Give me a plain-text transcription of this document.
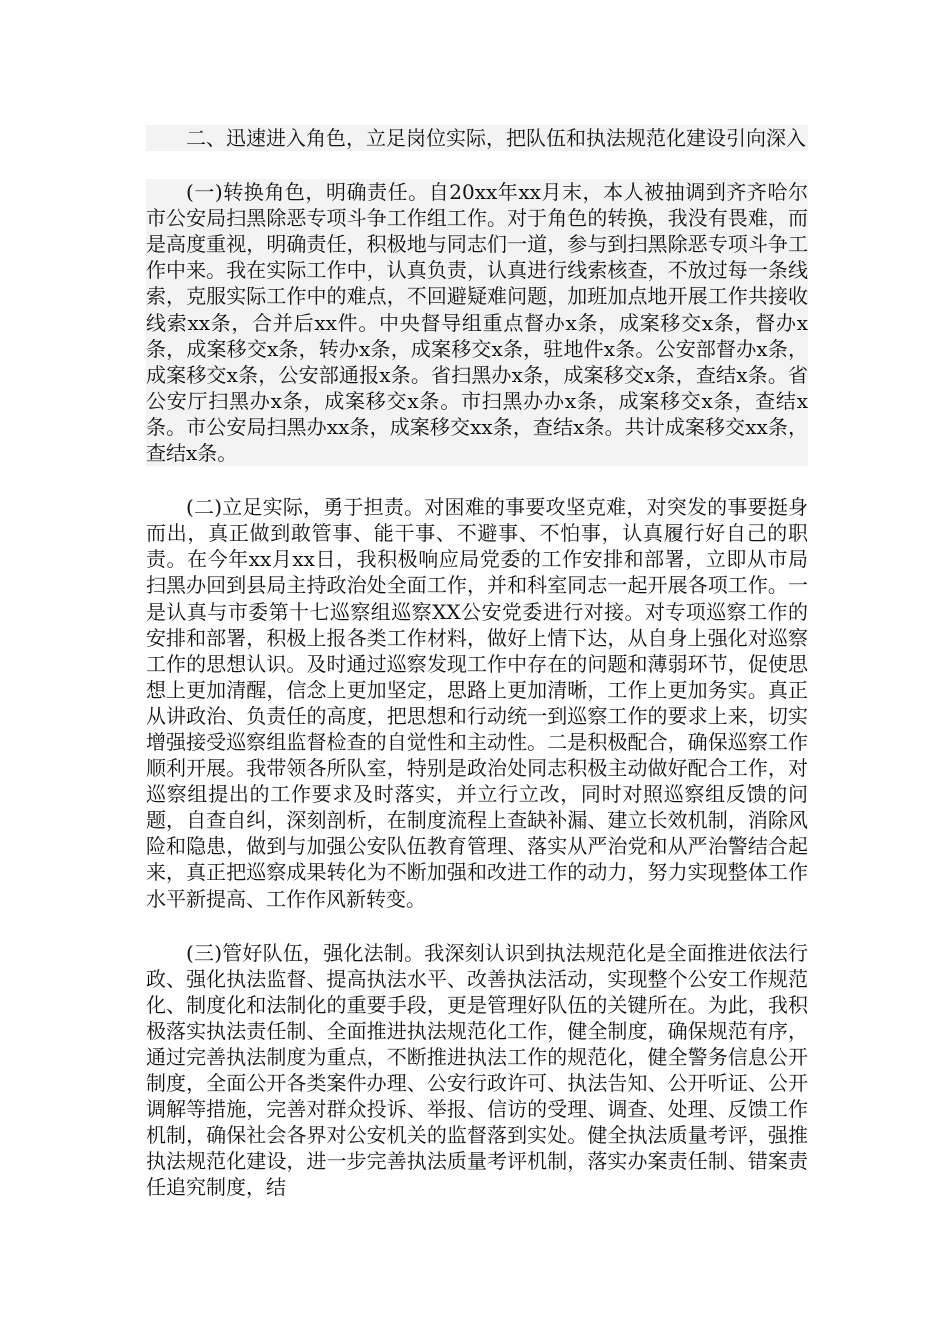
二、迅速进入角色，立足岗位实际，把队伍和执法规范化建设引向深入

(一)转换角色，明确责任。自20xx年xx月末，本人被抽调到齐齐哈尔市公安局扫黑除恶专项斗争工作组工作。对于角色的转换，我没有畏难，而是高度重视，明确责任，积极地与同志们一道，参与到扫黑除恶专项斗争工作中来。我在实际工作中，认真负责，认真进行线索核查，不放过每一条线索，克服实际工作中的难点，不回避疑难问题，加班加点地开展工作共接收线索xx条，合并后xx件。中央督导组重点督办x条，成案移交x条，督办x条，成案移交x条，转办x条，成案移交x条，驻地件x条。公安部督办x条，成案移交x条，公安部通报x条。省扫黑办x条，成案移交x条，查结x条。省公安厅扫黑办x条，成案移交x条。市扫黑办办x条，成案移交x条，查结x条。市公安局扫黑办xx条，成案移交xx条，查结x条。共计成案移交xx条，查结x条。

(二)立足实际，勇于担责。对困难的事要攻坚克难，对突发的事要挺身而出，真正做到敢管事、能干事、不避事、不怕事，认真履行好自己的职责。在今年xx月xx日，我积极响应局党委的工作安排和部署，立即从市局扫黑办回到县局主持政治处全面工作，并和科室同志一起开展各项工作。一是认真与市委第十七巡察组巡察XX公安党委进行对接。对专项巡察工作的安排和部署，积极上报各类工作材料，做好上情下达，从自身上强化对巡察工作的思想认识。及时通过巡察发现工作中存在的问题和薄弱环节，促使思想上更加清醒，信念上更加坚定，思路上更加清晰，工作上更加务实。真正从讲政治、负责任的高度，把思想和行动统一到巡察工作的要求上来，切实增强接受巡察组监督检查的自觉性和主动性。二是积极配合，确保巡察工作顺利开展。我带领各所队室，特别是政治处同志积极主动做好配合工作，对巡察组提出的工作要求及时落实，并立行立改，同时对照巡察组反馈的问题，自查自纠，深刻剖析，在制度流程上查缺补漏、建立长效机制，消除风险和隐患，做到与加强公安队伍教育管理、落实从严治党和从严治警结合起来，真正把巡察成果转化为不断加强和改进工作的动力，努力实现整体工作水平新提高、工作作风新转变。

(三)管好队伍，强化法制。我深刻认识到执法规范化是全面推进依法行政、强化执法监督、提高执法水平、改善执法活动，实现整个公安工作规范化、制度化和法制化的重要手段，更是管理好队伍的关键所在。为此，我积极落实执法责任制、全面推进执法规范化工作，健全制度，确保规范有序，通过完善执法制度为重点，不断推进执法工作的规范化，健全警务信息公开制度，全面公开各类案件办理、公安行政许可、执法告知、公开听证、公开调解等措施，完善对群众投诉、举报、信访的受理、调查、处理、反馈工作机制，确保社会各界对公安机关的监督落到实处。健全执法质量考评，强推执法规范化建设，进一步完善执法质量考评机制，落实办案责任制、错案责任追究制度，结
